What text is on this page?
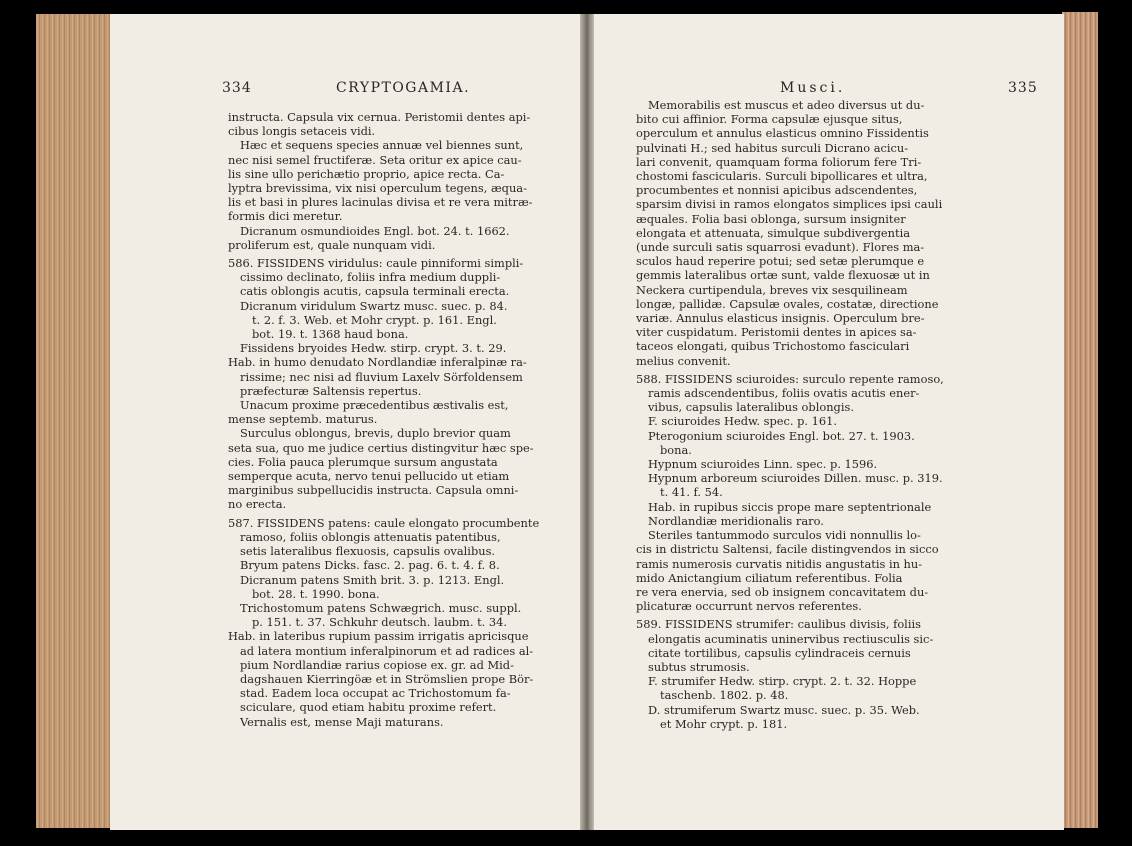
334	CRYPTOGAMIA.
instructa. Capsula vix cernua. Peristomii dentes api-
cibus longis setaceis vidi.
Hæc et sequens species annuæ vel biennes sunt,
nec nisi semel fructiferæ. Seta oritur ex apice cau-
lis sine ullo perichætio proprio, apice recta. Ca-
lyptra brevissima, vix nisi operculum tegens, æqua-
lis et basi in plures lacinulas divisa et re vera mitræ-
formis dici meretur.
Dicranum osmundioides Engl. bot. 24. t. 1662.
proliferum est, quale nunquam vidi.
586. FISSIDENS viridulus: caule pinniformi simpli-
cissimo declinato, foliis infra medium duppli-
catis oblongis acutis, capsula terminali erecta.
Dicranum viridulum Swartz musc. suec. p. 84.
t. 2. f. 3. Web. et Mohr crypt. p. 161. Engl.
bot. 19. t. 1368 haud bona.
Fissidens bryoides Hedw. stirp. crypt. 3. t. 29.
Hab. in humo denudato Nordlandiæ inferalpinæ ra-
rissime; nec nisi ad fluvium Laxelv Sörfoldensem
præfecturæ Saltensis repertus.
Unacum proxime præcedentibus æstivalis est,
mense septemb. maturus.
Surculus oblongus, brevis, duplo brevior quam
seta sua, quo me judice certius distingvitur hæc spe-
cies. Folia pauca plerumque sursum angustata
semperque acuta, nervo tenui pellucido ut etiam
marginibus subpellucidis instructa. Capsula omni-
no erecta.
587. FISSIDENS patens: caule elongato procumbente
ramoso, foliis oblongis attenuatis patentibus,
setis lateralibus flexuosis, capsulis ovalibus.
Bryum patens Dicks. fasc. 2. pag. 6. t. 4. f. 8.
Dicranum patens Smith brit. 3. p. 1213. Engl.
bot. 28. t. 1990. bona.
Trichostomum patens Schwægrich. musc. suppl.
p. 151. t. 37. Schkuhr deutsch. laubm. t. 34.
Hab. in lateribus rupium passim irrigatis apricisque
ad latera montium inferalpinorum et ad radices al-
pium Nordlandiæ rarius copiose ex. gr. ad Mid-
dagshauen Kierringöæ et in Strömslien prope Bör-
stad. Eadem loca occupat ac Trichostomum fa-
sciculare, quod etiam habitu proxime refert.
Vernalis est, mense Maji maturans.
Musci.	335
Memorabilis est muscus et adeo diversus ut du-
bito cui affinior. Forma capsulæ ejusque situs,
operculum et annulus elasticus omnino Fissidentis
pulvinati H.; sed habitus surculi Dicrano acicu-
lari convenit, quamquam forma foliorum fere Tri-
chostomi fascicularis. Surculi bipollicares et ultra,
procumbentes et nonnisi apicibus adscendentes,
sparsim divisi in ramos elongatos simplices ipsi cauli
æquales. Folia basi oblonga, sursum insigniter
elongata et attenuata, simulque subdivergentia
(unde surculi satis squarrosi evadunt). Flores ma-
sculos haud reperire potui; sed setæ plerumque e
gemmis lateralibus ortæ sunt, valde flexuosæ ut in
Neckera curtipendula, breves vix sesquilineam
longæ, pallidæ. Capsulæ ovales, costatæ, directione
variæ. Annulus elasticus insignis. Operculum bre-
viter cuspidatum. Peristomii dentes in apices sa-
taceos elongati, quibus Trichostomo fasciculari
melius convenit.
588. FISSIDENS sciuroides: surculo repente ramoso,
ramis adscendentibus, foliis ovatis acutis ener-
vibus, capsulis lateralibus oblongis.
F. sciuroides Hedw. spec. p. 161.
Pterogonium sciuroides Engl. bot. 27. t. 1903.
bona.
Hypnum sciuroides Linn. spec. p. 1596.
Hypnum arboreum sciuroides Dillen. musc. p. 319.
t. 41. f. 54.
Hab. in rupibus siccis prope mare septentrionale
Nordlandiæ meridionalis raro.
Steriles tantummodo surculos vidi nonnullis lo-
cis in districtu Saltensi, facile distingvendos in sicco
ramis numerosis curvatis nitidis angustatis in hu-
mido Anictangium ciliatum referentibus. Folia
re vera enervia, sed ob insignem concavitatem du-
plicaturæ occurrunt nervos referentes.
589. FISSIDENS strumifer: caulibus divisis, foliis
elongatis acuminatis uninervibus rectiusculis sic-
citate tortilibus, capsulis cylindraceis cernuis
subtus strumosis.
F. strumifer Hedw. stirp. crypt. 2. t. 32. Hoppe
taschenb. 1802. p. 48.
D. strumiferum Swartz musc. suec. p. 35. Web.
et Mohr crypt. p. 181.
